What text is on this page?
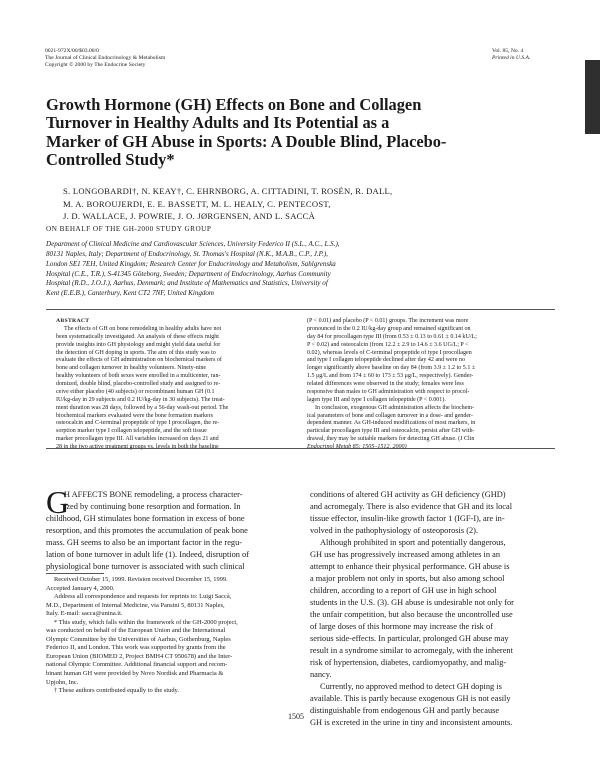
0021-972X/00/$03.00/0
The Journal of Clinical Endocrinology & Metabolism
Copyright © 2000 by The Endocrine Society
Vol. 85, No. 4
Printed in U.S.A.
Growth Hormone (GH) Effects on Bone and Collagen
Turnover in Healthy Adults and Its Potential as a
Marker of GH Abuse in Sports: A Double Blind, Placebo-
Controlled Study*
S. LONGOBARDI†, N. KEAY†, C. EHRNBORG, A. CITTADINI, T. ROSÉN, R. DALL,
M. A. BOROUJERDI, E. E. BASSETT, M. L. HEALY, C. PENTECOST,
J. D. WALLACE, J. POWRIE, J. O. JØRGENSEN, AND L. SACCÀ
ON BEHALF OF THE GH-2000 STUDY GROUP
Department of Clinical Medicine and Cardiovascular Sciences, University Federico II (S.L., A.C., L.S.),
80131 Naples, Italy; Department of Endocrinology, St. Thomas's Hospital (N.K., M.A.B., C.P., J.P.),
London SE1 7EH, United Kingdom; Research Center for Endocrinology and Metabolism, Sahlgrenska
Hospital (C.E., T.R.), S-41345 Göteborg, Sweden; Department of Endocrinology, Aarhus Community
Hospital (R.D., J.O.J.), Aarhus, Denmark; and Institute of Mathematics and Statistics, University of
Kent (E.E.B.), Canterbury, Kent CT2 7NF, United Kingdom
ABSTRACT
The effects of GH on bone remodeling in healthy adults have not
been systematically investigated. An analysis of these effects might
provide insights into GH physiology and might yield data useful for
the detection of GH doping in sports. The aim of this study was to
evaluate the effects of GH administration on biochemical markers of
bone and collagen turnover in healthy volunteers. Ninety-nine
healthy volunteers of both sexes were enrolled in a multicenter, ran-
domized, double blind, placebo-controlled study and assigned to re-
ceive either placebo (40 subjects) or recombinant human GH (0.1
IU/kg-day in 29 subjects and 0.2 IU/kg-day in 30 subjects). The treat-
ment duration was 28 days, followed by a 56-day wash-out period. The
biochemical markers evaluated were the bone formation markers
osteocalcin and C-terminal propeptide of type I procollagen, the re-
sorption marker type I collagen telopeptide, and the soft tissue
marker procollagen type III. All variables increased on days 21 and
28 in the two active treatment groups vs. levels in both the baseline
(P < 0.01) and placebo (P < 0.01) groups. The increment was more
pronounced in the 0.2 IU/kg-day group and remained significant on
day 84 for procollagen type III (from 0.53 ± 0.13 to 0.61 ± 0.14 kU/L;
P < 0.02) and osteocalcin (from 12.2 ± 2.9 to 14.6 ± 3.6 UG/L; P <
0.02), whereas levels of C-terminal propeptide of type I procollagen
and type I collagen telopeptide declined after day 42 and were no
longer significantly above baseline on day 84 (from 3.9 ± 1.2 to 5.1 ±
1.5 μg/L and from 174 ± 60 to 173 ± 53 μg/L, respectively). Gender-
related differences were observed in the study; females were less
responsive than males to GH administration with respect to procol-
lagen type III and type I collagen telopeptide (P < 0.001).
In conclusion, exogenous GH administration affects the biochem-
ical parameters of bone and collagen turnover in a dose- and gender-
dependent manner. As GH-induced modifications of most markers, in
particular procollagen type III and osteocalcin, persist after GH with-
drawal, they may be suitable markers for detecting GH abuse. (J Clin
Endocrinol Metab 85: 1505–1512, 2000)
G
H AFFECTS BONE remodeling, a process character-
ized by continuing bone resorption and formation. In
childhood, GH stimulates bone formation in excess of bone
resorption, and this promotes the accumulation of peak bone
mass. GH seems to also be an important factor in the regu-
lation of bone turnover in adult life (1). Indeed, disruption of
physiological bone turnover is associated with such clinical
Received October 15, 1999. Revision received December 15, 1999.
Accepted January 4, 2000.
Address all correspondence and requests for reprints to: Luigi Saccà,
M.D., Department of Internal Medicine, via Pansini 5, 80131 Naples,
Italy. E-mail: sacca@unina.it.
* This study, which falls within the framework of the GH-2000 project,
was conducted on behalf of the European Union and the International
Olympic Committee by the Universities of Aarhus, Gothenburg, Naples
Federico II, and London. This work was supported by grants from the
European Union (BIOMED 2, Project BMH4 CT 950678) and the Inter-
national Olympic Committee. Additional financial support and recom-
binant human GH were provided by Novo Nordisk and Pharmacia &
Upjohn, Inc.
† These authors contributed equally to the study.
conditions of altered GH activity as GH deficiency (GHD)
and acromegaly. There is also evidence that GH and its local
tissue effector, insulin-like growth factor 1 (IGF-I), are in-
volved in the pathophysiology of osteoporosis (2).
Although prohibited in sport and potentially dangerous,
GH use has progressively increased among athletes in an
attempt to enhance their physical performance. GH abuse is
a major problem not only in sports, but also among school
children, according to a report of GH use in high school
students in the U.S. (3). GH abuse is undesirable not only for
the unfair competition, but also because the uncontrolled use
of large doses of this hormone may increase the risk of
serious side-effects. In particular, prolonged GH abuse may
result in a syndrome similar to acromegaly, with the inherent
risk of hypertension, diabetes, cardiomyopathy, and malig-
nancy.
Currently, no approved method to detect GH doping is
available. This is partly because exogenous GH is not easily
distinguishable from endogenous GH and partly because
GH is excreted in the urine in tiny and inconsistent amounts.
1505
